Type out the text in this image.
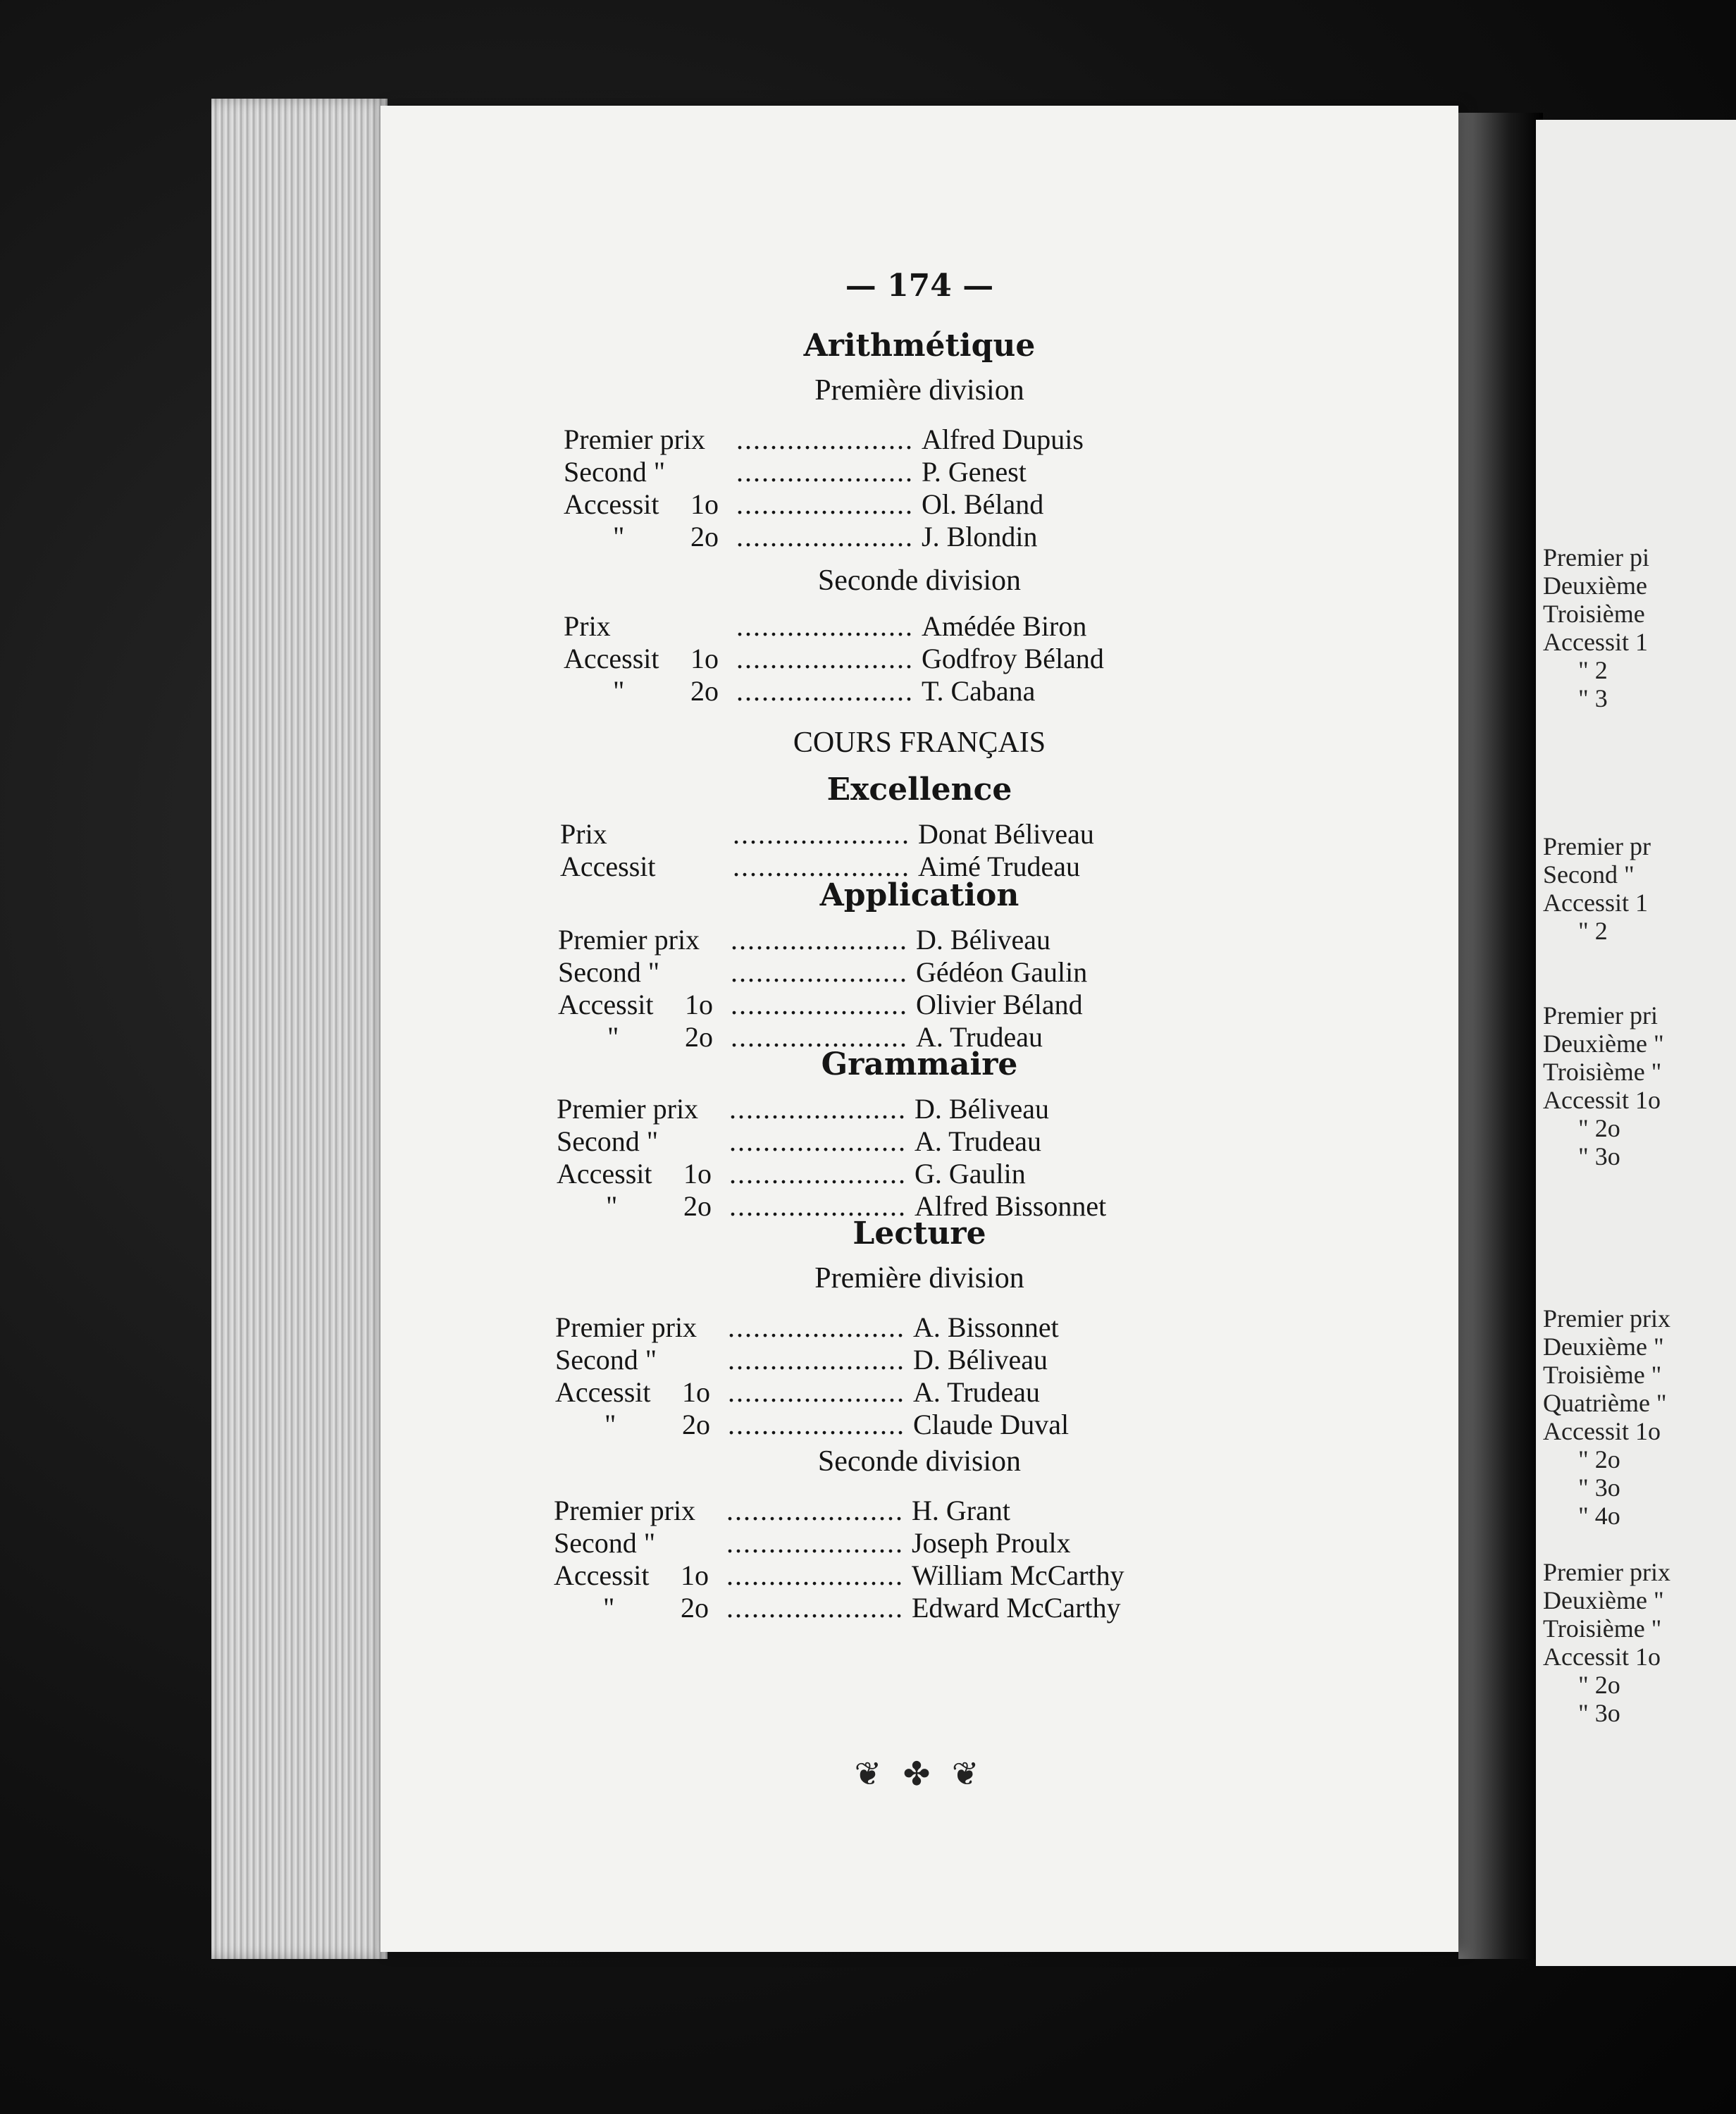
— 174 —
Arithmétique
Première division
Premier prix .....	Alfred Dupuis
Second " .....	P. Genest
Accessit 1o .....	Ol. Béland
" 2o .....	J. Blondin
Seconde division
Prix .....	Amédée Biron
Accessit 1o .....	Godfroy Béland
" 2o .....	T. Cabana
COURS FRANÇAIS
Excellence
Prix .....	Donat Béliveau
Accessit .....	Aimé Trudeau
Application
Premier prix .....	D. Béliveau
Second " .....	Gédéon Gaulin
Accessit 1o .....	Olivier Béland
" 2o .....	A. Trudeau
Grammaire
Premier prix .....	D. Béliveau
Second " .....	A. Trudeau
Accessit 1o .....	G. Gaulin
" 2o .....	Alfred Bissonnet
Lecture
Première division
Premier prix .....	A. Bissonnet
Second " .....	D. Béliveau
Accessit 1o .....	A. Trudeau
" 2o .....	Claude Duval
Seconde division
Premier prix .....	H. Grant
Second " .....	Joseph Proulx
Accessit 1o .....	William McCarthy
" 2o .....	Edward McCarthy
❦ ✤ ❦
Premier pi
Deuxième
Troisième
Accessit 1
" 2
" 3
Premier pr
Second "
Accessit 1
" 2
Premier pri
Deuxième "
Troisième "
Accessit 1o
" 2o
" 3o
Premier prix
Deuxième "
Troisième "
Quatrième "
Accessit 1o
" 2o
" 3o
" 4o
Premier prix
Deuxième "
Troisième "
Accessit 1o
" 2o
" 3o
